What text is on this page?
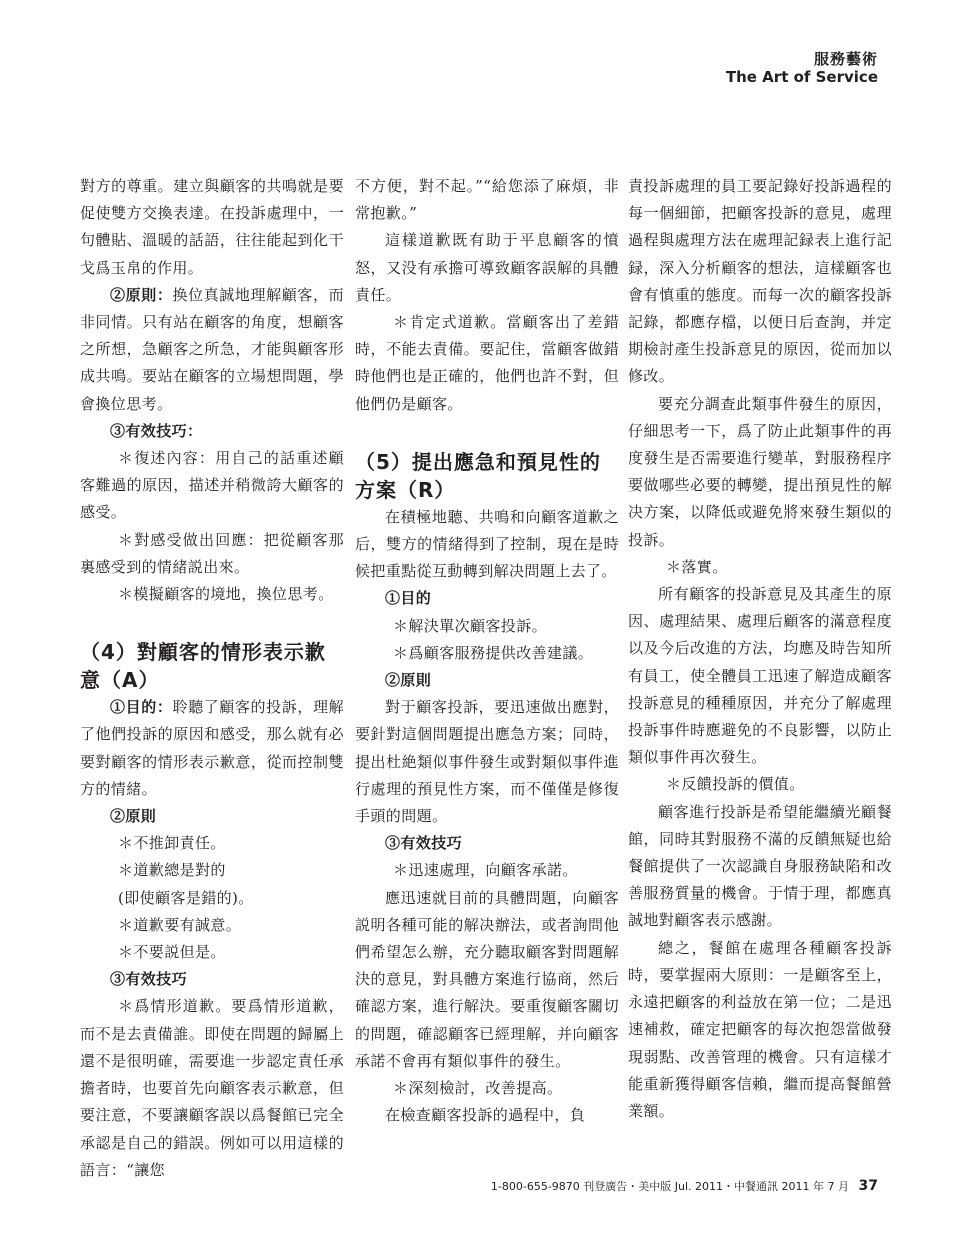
服務藝術
The Art of Service

對方的尊重。建立與顧客的共鳴就是要促使雙方交換表達。在投訴處理中，一句體貼、溫暖的話語，往往能起到化干戈爲玉帛的作用。

②原則：换位真誠地理解顧客，而非同情。只有站在顧客的角度，想顧客之所想，急顧客之所急，才能與顧客形成共鳴。要站在顧客的立場想問題，學會換位思考。

③有效技巧：

＊復述內容：用自己的話重述顧客難過的原因，描述并稍微誇大顧客的感受。

＊對感受做出回應：把從顧客那裏感受到的情緒説出來。

＊模擬顧客的境地，換位思考。

（4）對顧客的情形表示歉意（A）

①目的：聆聽了顧客的投訴，理解了他們投訴的原因和感受，那么就有必要對顧客的情形表示歉意，從而控制雙方的情緒。

②原則

＊不推卸責任。

＊道歉總是對的

(即使顧客是錯的)。

＊道歉要有誠意。

＊不要説但是。

③有效技巧

＊爲情形道歉。要爲情形道歉，而不是去責備誰。即使在問題的歸屬上還不是很明確，需要進一步認定責任承擔者時，也要首先向顧客表示歉意，但要注意，不要讓顧客誤以爲餐館已完全承認是自己的錯誤。例如可以用這樣的語言：“讓您

不方便，對不起。”“給您添了麻煩，非常抱歉。”

這樣道歉既有助于平息顧客的憤怒，又没有承擔可導致顧客誤解的具體責任。

＊肯定式道歉。當顧客出了差錯時，不能去責備。要記住，當顧客做錯時他們也是正確的，他們也許不對，但他們仍是顧客。

（5）提出應急和預見性的方案（R）

在積極地聽、共鳴和向顧客道歉之后，雙方的情緒得到了控制，現在是時候把重點從互動轉到解决問題上去了。

①目的

＊解決單次顧客投訴。

＊爲顧客服務提供改善建議。

②原則

對于顧客投訴，要迅速做出應對，要針對這個問題提出應急方案；同時，提出杜絶類似事件發生或對類似事件進行處理的預見性方案，而不僅僅是修復手頭的問題。

③有效技巧

＊迅速處理，向顧客承諾。

應迅速就目前的具體問題，向顧客説明各種可能的解决辦法，或者詢問他們希望怎么辦，充分聽取顧客對問題解決的意見，對具體方案進行協商，然后確認方案，進行解決。要重復顧客關切的問題，確認顧客已經理解，并向顧客承諾不會再有類似事件的發生。

＊深刻檢討，改善提高。

在檢查顧客投訴的過程中，負

責投訴處理的員工要記錄好投訴過程的每一個細節，把顧客投訴的意見，處理過程與處理方法在處理記録表上進行記録，深入分析顧客的想法，這樣顧客也會有慎重的態度。而每一次的顧客投訴記錄，都應存檔，以便日后查詢，并定期檢討產生投訴意見的原因，從而加以修改。

要充分調查此類事件發生的原因，仔細思考一下，爲了防止此類事件的再度發生是否需要進行變革，對服務程序要做哪些必要的轉變，提出預見性的解决方案，以降低或避免將來發生類似的投訴。

＊落實。

所有顧客的投訴意見及其產生的原因、處理結果、處理后顧客的滿意程度以及今后改進的方法，均應及時告知所有員工，使全體員工迅速了解造成顧客投訴意見的種種原因，并充分了解處理投訴事件時應避免的不良影響，以防止類似事件再次發生。

＊反饋投訴的價值。

顧客進行投訴是希望能繼續光顧餐館，同時其對服務不滿的反饋無疑也給餐館提供了一次認識自身服務缺陷和改善服務質量的機會。于情于理，都應真誠地對顧客表示感謝。

總之，餐館在處理各種顧客投訴時，要掌握兩大原則：一是顧客至上，永遠把顧客的利益放在第一位；二是迅速補救，確定把顧客的每次抱怨當做發現弱點、改善管理的機會。只有這樣才能重新獲得顧客信賴，繼而提高餐館營業額。

1-800-655-9870 刊登廣告・美中版 Jul. 2011・中餐通訊 2011 年 7 月 37
